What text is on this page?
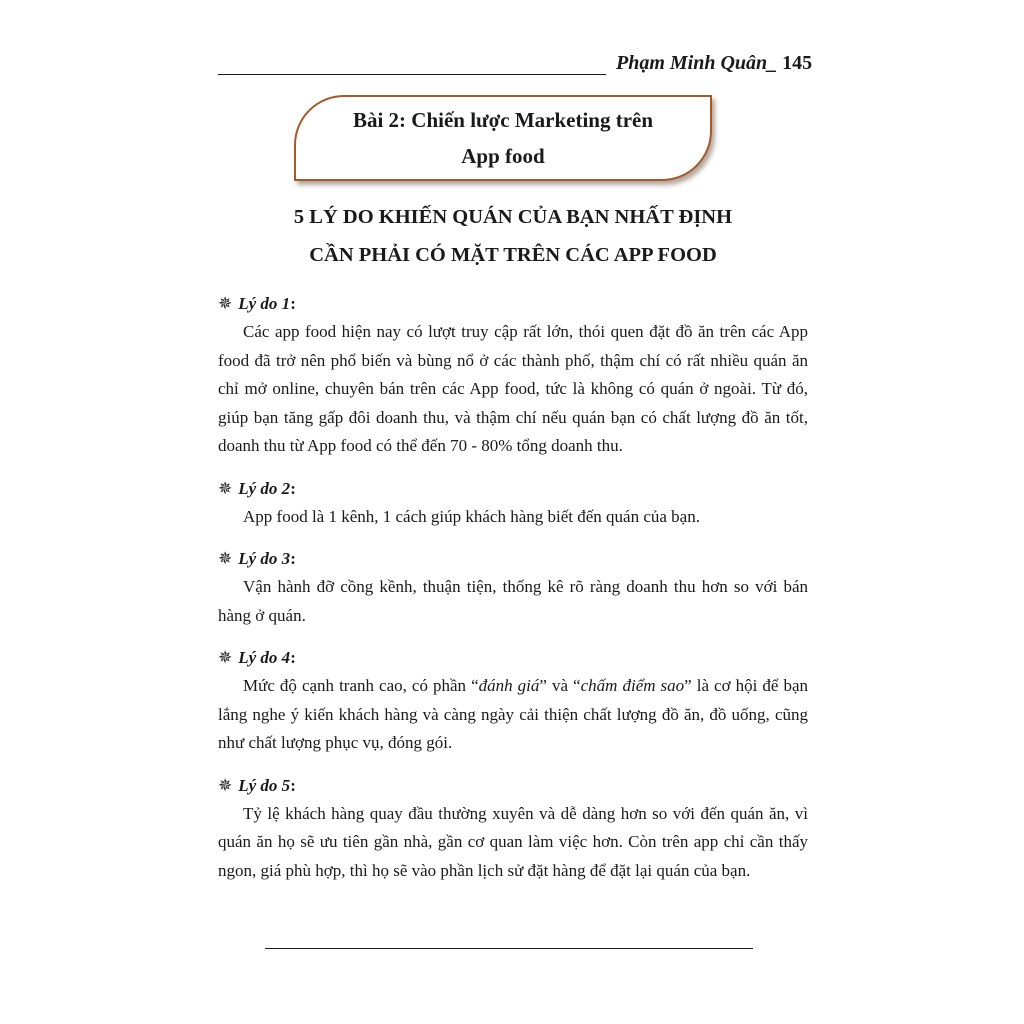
Phạm Minh Quân_ 145
Bài 2: Chiến lược Marketing trên
App food
5 LÝ DO KHIẾN QUÁN CỦA BẠN NHẤT ĐỊNH
CẦN PHẢI CÓ MẶT TRÊN CÁC APP FOOD
✵ Lý do 1 :

Các app food hiện nay có lượt truy cập rất lớn, thói quen đặt đồ ăn trên các App food đã trở nên phổ biến và bùng nổ ở các thành phố, thậm chí có rất nhiều quán ăn chỉ mở online, chuyên bán trên các App food, tức là không có quán ở ngoài. Từ đó, giúp bạn tăng gấp đôi doanh thu, và thậm chí nếu quán bạn có chất lượng đồ ăn tốt, doanh thu từ App food có thể đến 70 - 80% tổng doanh thu.

✵ Lý do 2 :

App food là 1 kênh, 1 cách giúp khách hàng biết đến quán của bạn.

✵ Lý do 3 :

Vận hành đỡ cồng kềnh, thuận tiện, thống kê rõ ràng doanh thu hơn so với bán hàng ở quán.

✵ Lý do 4 :

Mức độ cạnh tranh cao, có phần “đánh giá” và “chấm điểm sao” là cơ hội để bạn lắng nghe ý kiến khách hàng và càng ngày cải thiện chất lượng đồ ăn, đồ uống, cũng như chất lượng phục vụ, đóng gói.

✵ Lý do 5 :

Tỷ lệ khách hàng quay đầu thường xuyên và dễ dàng hơn so với đến quán ăn, vì quán ăn họ sẽ ưu tiên gần nhà, gần cơ quan làm việc hơn. Còn trên app chỉ cần thấy ngon, giá phù hợp, thì họ sẽ vào phần lịch sử đặt hàng để đặt lại quán của bạn.
